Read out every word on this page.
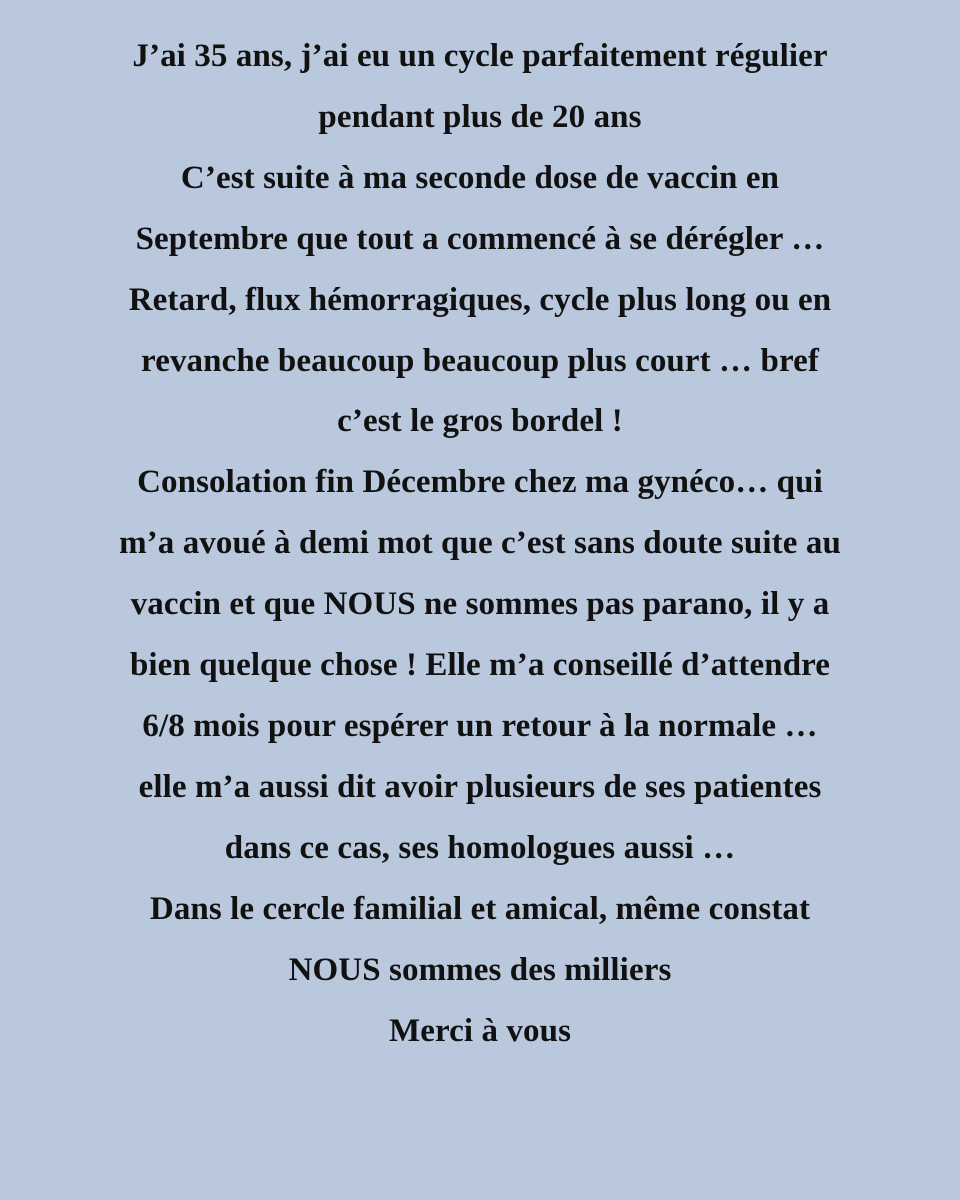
J’ai 35 ans, j’ai eu un cycle parfaitement régulier
pendant plus de 20 ans
C’est suite à ma seconde dose de vaccin en
Septembre que tout a commencé à se dérégler …
Retard, flux hémorragiques, cycle plus long ou en
revanche beaucoup beaucoup plus court … bref
c’est le gros bordel !
Consolation fin Décembre chez ma gynéco… qui
m’a avoué à demi mot que c’est sans doute suite au
vaccin et que NOUS ne sommes pas parano, il y a
bien quelque chose ! Elle m’a conseillé d’attendre
6/8 mois pour espérer un retour à la normale …
elle m’a aussi dit avoir plusieurs de ses patientes
dans ce cas, ses homologues aussi …
Dans le cercle familial et amical, même constat
NOUS sommes des milliers
Merci à vous
